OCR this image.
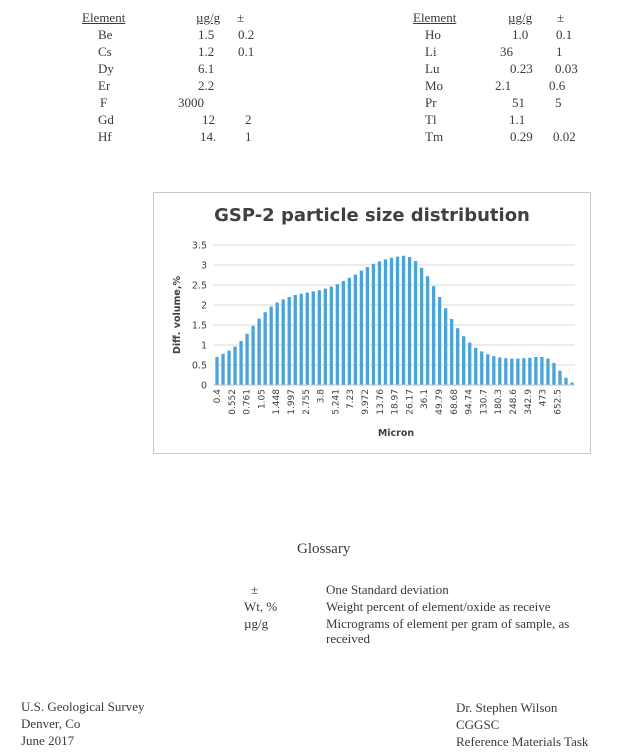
Element	µg/g ±
Be	1.5 0.2
Cs	1.2 0.1
Dy	6.1
Er	2.2
F	3000
Gd	12 2
Hf	14. 1
Element	µg/g ±
Ho	1.0 0.1
Li	36	1
Lu	0.23 0.03
Mo	2.1	0.6
Pr	51 5
Tl	1.1
Tm	0.29 0.02
GSP-2 particle size distribution
0
0.5
1
1.5
2
2.5
3
3.5
0.4 0.552 0.761 1.05 1.448 1.997 2.755 3.8 5.241 7.23 9.972 13.76 18.97 26.17 36.1 49.79 68.68 94.74 130.7 180.3 248.6 342.9 473 652.5
Micron
Diff. volume,%
Glossary
±	One Standard deviation
Wt, %	Weight percent of element/oxide as receive
µg/g	Micrograms of element per gram of sample, as received
U.S. Geological Survey
Denver, Co
June 2017
Dr. Stephen Wilson
CGGSC
Reference Materials Task
